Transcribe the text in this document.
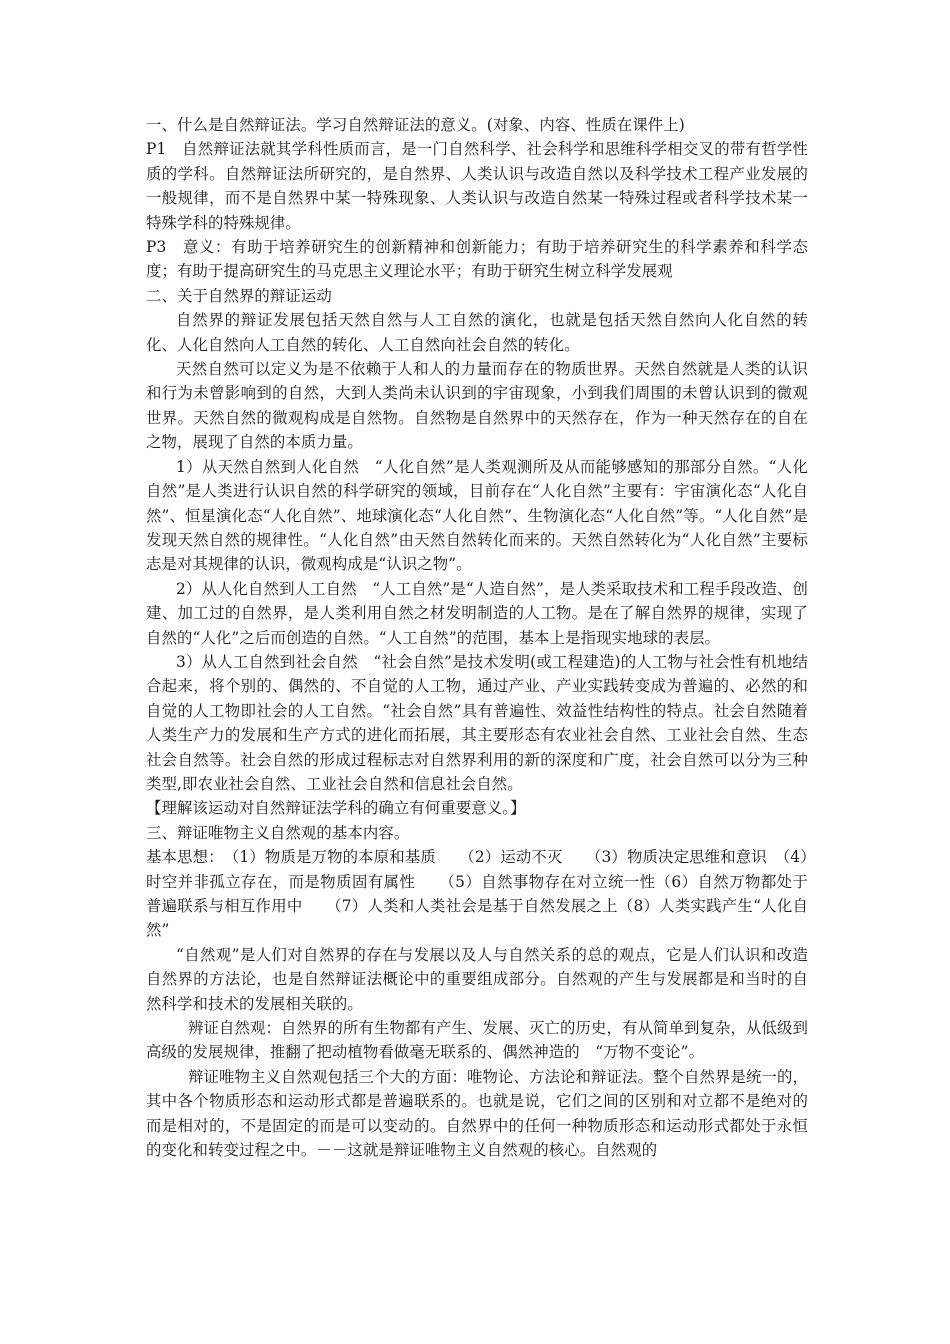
一、什么是自然辩证法。学习自然辩证法的意义。(对象、内容、性质在课件上)

P1　自然辩证法就其学科性质而言，是一门自然科学、社会科学和思维科学相交叉的带有哲学性质的学科。自然辩证法所研究的，是自然界、人类认识与改造自然以及科学技术工程产业发展的一般规律，而不是自然界中某一特殊现象、人类认识与改造自然某一特殊过程或者科学技术某一特殊学科的特殊规律。

P3　意义：有助于培养研究生的创新精神和创新能力；有助于培养研究生的科学素养和科学态度；有助于提高研究生的马克思主义理论水平；有助于研究生树立科学发展观

二、关于自然界的辩证运动

自然界的辩证发展包括天然自然与人工自然的演化，也就是包括天然自然向人化自然的转化、人化自然向人工自然的转化、人工自然向社会自然的转化。

天然自然可以定义为是不依赖于人和人的力量而存在的物质世界。天然自然就是人类的认识和行为未曾影响到的自然，大到人类尚未认识到的宇宙现象，小到我们周围的未曾认识到的微观世界。天然自然的微观构成是自然物。自然物是自然界中的天然存在，作为一种天然存在的自在之物，展现了自然的本质力量。

1）从天然自然到人化自然　“人化自然”是人类观测所及从而能够感知的那部分自然。“人化自然”是人类进行认识自然的科学研究的领域，目前存在“人化自然”主要有：宇宙演化态“人化自然”、恒星演化态“人化自然”、地球演化态“人化自然”、生物演化态“人化自然”等。“人化自然”是发现天然自然的规律性。“人化自然”由天然自然转化而来的。天然自然转化为“人化自然”主要标志是对其规律的认识，微观构成是“认识之物”。

2）从人化自然到人工自然　“人工自然”是“人造自然”，是人类采取技术和工程手段改造、创建、加工过的自然界，是人类利用自然之材发明制造的人工物。是在了解自然界的规律，实现了自然的“人化”之后而创造的自然。“人工自然”的范围，基本上是指现实地球的表层。

3）从人工自然到社会自然　“社会自然”是技术发明(或工程建造)的人工物与社会性有机地结合起来，将个别的、偶然的、不自觉的人工物，通过产业、产业实践转变成为普遍的、必然的和自觉的人工物即社会的人工自然。“社会自然”具有普遍性、效益性结构性的特点。社会自然随着人类生产力的发展和生产方式的进化而拓展，其主要形态有农业社会自然、工业社会自然、生态社会自然等。社会自然的形成过程标志对自然界利用的新的深度和广度，社会自然可以分为三种类型,即农业社会自然、工业社会自然和信息社会自然。

【理解该运动对自然辩证法学科的确立有何重要意义。】

三、辩证唯物主义自然观的基本内容。

基本思想：　（1）物质是万物的本原和基质　　（2）运动不灭　　（3）物质决定思维和意识　（4）时空并非孤立存在，而是物质固有属性　　（5）自然事物存在对立统一性（6）自然万物都处于普遍联系与相互作用中　　（7）人类和人类社会是基于自然发展之上（8）人类实践产生“人化自然”

“自然观”是人们对自然界的存在与发展以及人与自然关系的总的观点，它是人们认识和改造自然界的方法论，也是自然辩证法概论中的重要组成部分。自然观的产生与发展都是和当时的自然科学和技术的发展相关联的。

辨证自然观：自然界的所有生物都有产生、发展、灭亡的历史，有从简单到复杂，从低级到高级的发展规律，推翻了把动植物看做毫无联系的、偶然神造的　“万物不变论”。

辩证唯物主义自然观包括三个大的方面：唯物论、方法论和辩证法。整个自然界是统一的，其中各个物质形态和运动形式都是普遍联系的。也就是说，它们之间的区别和对立都不是绝对的而是相对的，不是固定的而是可以变动的。自然界中的任何一种物质形态和运动形式都处于永恒的变化和转变过程之中。－－这就是辩证唯物主义自然观的核心。自然观的
